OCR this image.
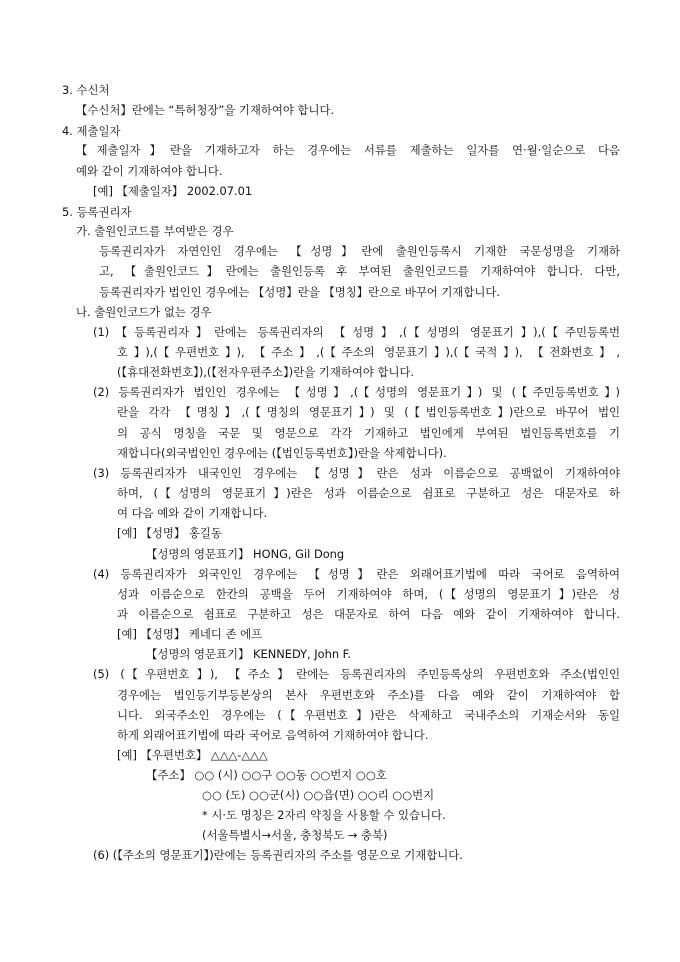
3. 수신처
【수신처】란에는 “특허청장”을 기재하여야 합니다.
4. 제출일자
【제출일자】란을 기재하고자 하는 경우에는 서류를 제출하는 일자를 연·월·일순으로 다음
예와 같이 기재하여야 합니다.
[예] 【제출일자】 2002.07.01
5. 등록권리자
가. 출원인코드를 부여받은 경우
등록권리자가 자연인인 경우에는 【성명】란에 출원인등록시 기재한 국문성명을 기재하
고, 【출원인코드】란에는 출원인등록 후 부여된 출원인코드를 기재하여야 합니다. 다만,
등록권리자가 법인인 경우에는 【성명】란을 【명칭】란으로 바꾸어 기재합니다.
나. 출원인코드가 없는 경우
(1)【등록권리자】란에는 등록권리자의 【성명】,(【성명의 영문표기】),(【주민등록번
호】),(【우편번호】), 【주소】,(【주소의 영문표기】),(【국적】), 【전화번호】,
(【휴대전화번호】),(【전자우편주소】)란을 기재하여야 합니다.
(2) 등록권리자가 법인인 경우에는 【성명】,(【성명의 영문표기】) 및 (【주민등록번호】)
란을 각각 【명칭】,(【명칭의 영문표기】) 및 (【법인등록번호】)란으로 바꾸어 법인
의 공식 명칭을 국문 및 영문으로 각각 기재하고 법인에게 부여된 법인등록번호를 기
재합니다(외국법인인 경우에는 (【법인등록번호】)란을 삭제합니다).
(3) 등록권리자가 내국인인 경우에는 【성명】란은 성과 이름순으로 공백없이 기재하여야
하며, (【성명의 영문표기】)란은 성과 이름순으로 쉼표로 구분하고 성은 대문자로 하
여 다음 예와 같이 기재합니다.
[예] 【성명】 홍길동
【성명의 영문표기】 HONG, Gil Dong
(4) 등록권리자가 외국인인 경우에는 【성명】란은 외래어표기법에 따라 국어로 음역하여
성과 이름순으로 한칸의 공백을 두어 기재하여야 하며, (【성명의 영문표기】)란은 성
과 이름순으로 쉼표로 구분하고 성은 대문자로 하여 다음 예와 같이 기재하여야 합니다.
[예] 【성명】 케네디 존 에프
【성명의 영문표기】 KENNEDY, John F.
(5) (【우편번호】), 【주소】란에는 등록권리자의 주민등록상의 우편번호와 주소(법인인
경우에는 법인등기부등본상의 본사 우편번호와 주소)를 다음 예와 같이 기재하여야 합
니다. 외국주소인 경우에는 (【우편번호】)란은 삭제하고 국내주소의 기재순서와 동일
하게 외래어표기법에 따라 국어로 음역하여 기재하여야 합니다.
[예] 【우편번호】 △△△-△△△
【주소】 ○○ (시) ○○구 ○○동 ○○번지 ○○호
○○ (도) ○○군(시) ○○읍(면) ○○리 ○○번지
* 시·도 명칭은 2자리 약칭을 사용할 수 있습니다.
(서울특별시→서울, 충청북도 → 충북)
(6) (【주소의 영문표기】)란에는 등록권리자의 주소를 영문으로 기재합니다.
